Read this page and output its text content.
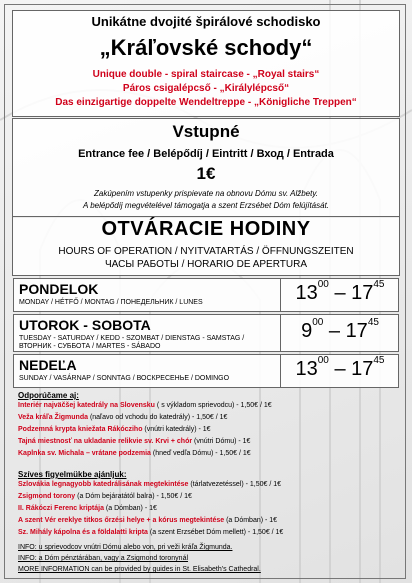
Unikátne dvojité špirálové schodisko
„Kráľovské schody“
Unique double - spiral staircase - „Royal stairs“
Páros csigalépcső - „Királylépcső“
Das einzigartige doppelte Wendeltreppe - „Königliche Treppen“
Vstupné
Entrance fee / Belépődíj / Eintritt / Вход / Entrada
1€
Zakúpením vstupenky prispievate na obnovu Dómu sv. Alžbety.
A belépődíj megvételével támogatja a szent Erzsébet Dóm felújítását.
OTVÁRACIE HODINY
HOURS OF OPERATION / NYITVATARTÁS / ÖFFNUNGSZEITEN
ЧАСЫ РАБОТЫ / HORARIO DE APERTURA
PONDELOK
MONDAY / HÉTFŐ / MONTAG / ПОНЕДЕЛЬНИК / LUNES	$13^{00} - 17^{45}$
UTOROK - SOBOTA
TUESDAY - SATURDAY / KEDD - SZOMBAT / DIENSTAG - SAMSTAG / ВТОРНИК - СУББОТА / MARTES - SÁBADO
$9^{00} - 17^{45}$
NEDEĽA
SUNDAY / VASÁRNAP / SONNTAG / ВОСКРЕСЕНЬЕ / DOMINGO	$13^{00} - 17^{45}$
Odporúčame aj:
Interiér najväčšej katedrály na Slovensku ( s výkladom sprievodcu) - 1,50€ / 1€
Veža kráľa Žigmunda (naľavo od vchodu do katedrály) - 1,50€ / 1€
Podzemná krypta kniežata Rákócziho (vnútri katedrály) - 1€
Tajná miestnosť na ukladanie relikvie sv. Krvi + chór (vnútri Dómu) - 1€
Kaplnka sv. Michala – vrátane podzemia (hneď vedľa Dómu) - 1,50€ / 1€
Szíves figyelmükbe ajánljuk:
Szlovákia legnagyobb katedrálisának megtekintése (tárlatvezetéssel) - 1,50€ / 1€
Zsigmond torony (a Dóm bejáratától balra) - 1,50€ / 1€
II. Rákóczi Ferenc kriptája (a Dómban) - 1€
A szent Vér ereklye titkos őrzési helye + a kórus megtekintése (a Dómban) - 1€
Sz. Mihály kápolna és a földalatti kripta (a szent Erzsébet Dóm mellett) - 1,50€ / 1€
INFO: u sprievodcov vnútri Dómu alebo von, pri veži kráľa Žigmunda.
INFO: a Dóm pénztárában, vagy a Zsigmond toronynál
MORE INFORMATION can be provided by guides in St. Elisabeth's Cathedral.
